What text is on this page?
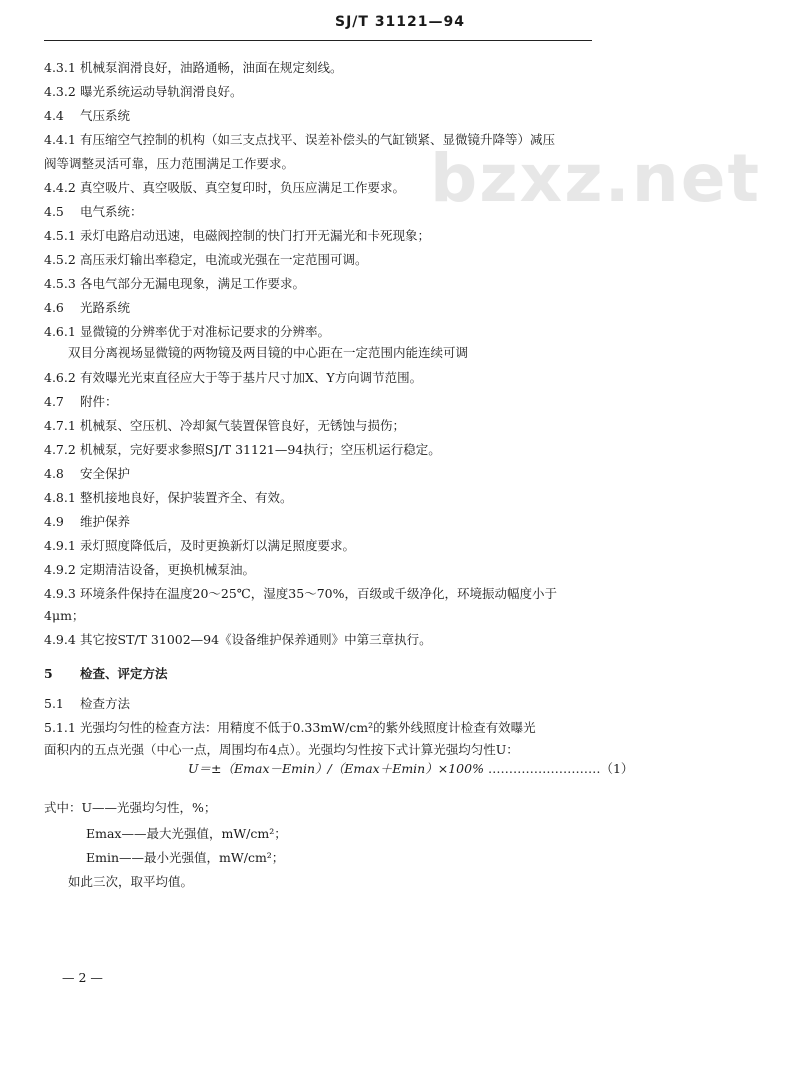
SJ/T 31121—94
bzxz.net
4.3.1 机械泵润滑良好，油路通畅，油面在规定刻线。
4.3.2 曝光系统运动导轨润滑良好。
4.4 气压系统
4.4.1 有压缩空气控制的机构（如三支点找平、误差补偿头的气缸锁紧、显微镜升降等）减压
阀等调整灵活可靠，压力范围满足工作要求。
4.4.2 真空吸片、真空吸版、真空复印时，负压应满足工作要求。
4.5 电气系统：
4.5.1 汞灯电路启动迅速，电磁阀控制的快门打开无漏光和卡死现象；
4.5.2 高压汞灯输出率稳定，电流或光强在一定范围可调。
4.5.3 各电气部分无漏电现象，满足工作要求。
4.6 光路系统
4.6.1 显微镜的分辨率优于对准标记要求的分辨率。
双目分离视场显微镜的两物镜及两目镜的中心距在一定范围内能连续可调
4.6.2 有效曝光光束直径应大于等于基片尺寸加X、Y方向调节范围。
4.7 附件：
4.7.1 机械泵、空压机、冷却氮气装置保管良好，无锈蚀与损伤；
4.7.2 机械泵，完好要求参照SJ/T 31121—94执行；空压机运行稳定。
4.8 安全保护
4.8.1 整机接地良好，保护装置齐全、有效。
4.9 维护保养
4.9.1 汞灯照度降低后，及时更换新灯以满足照度要求。
4.9.2 定期清洁设备，更换机械泵油。
4.9.3 环境条件保持在温度20～25℃，湿度35～70%，百级或千级净化，环境振动幅度小于
4μm；
4.9.4 其它按ST/T 31002—94《设备维护保养通则》中第三章执行。
5 检查、评定方法
5.1 检查方法
5.1.1 光强均匀性的检查方法：用精度不低于0.33mW/cm²的紫外线照度计检查有效曝光
面积内的五点光强（中心一点，周围均布4点）。光强均匀性按下式计算光强均匀性U：
U＝±（Emax－Emin）/（Emax＋Emin）×100% ………………………（1）
式中：U——光强均匀性，%；
Emax——最大光强值，mW/cm²；
Emin——最小光强值，mW/cm²；
如此三次，取平均值。
— 2 —
